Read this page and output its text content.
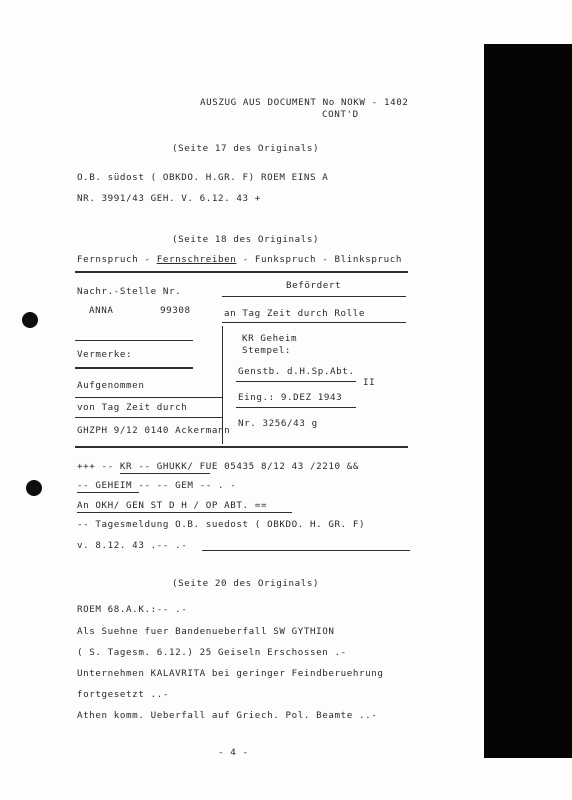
AUSZUG AUS DOCUMENT No NOKW - 1402
CONT'D
(Seite 17 des Originals)
O.B. südost ( OBKDO. H.GR. F) ROEM EINS A
NR. 3991/43 GEH. V. 6.12. 43 +
(Seite 18 des Originals)
Fernspruch - Fernschreiben - Funkspruch - Blinkspruch
Nachr.-Stelle Nr.
Befördert
ANNA	99308	an Tag Zeit durch Rolle
KR Geheim
Stempel:
Vermerke:
Genstb. d.H.Sp.Abt.
II
Aufgenommen
Eing.: 9.DEZ 1943
von Tag Zeit durch
Nr. 3256/43 g
GHZPH 9/12 0140 Ackermann
+++ -- KR -- GHUKK/ FUE 05435 8/12 43 /2210 &&
-- GEHEIM -- -- GEM -- . -
An OKH/ GEN ST D H / OP ABT. ==
-- Tagesmeldung O.B. suedost ( OBKDO. H. GR. F)
v. 8.12. 43 .-- .-
(Seite 20 des Originals)
ROEM 68.A.K.:-- .-
Als Suehne fuer Bandenueberfall SW GYTHION
( S. Tagesm. 6.12.) 25 Geiseln Erschossen .-
Unternehmen KALAVRITA bei geringer Feindberuehrung
fortgesetzt ..-
Athen komm. Ueberfall auf Griech. Pol. Beamte ..-
- 4 -
